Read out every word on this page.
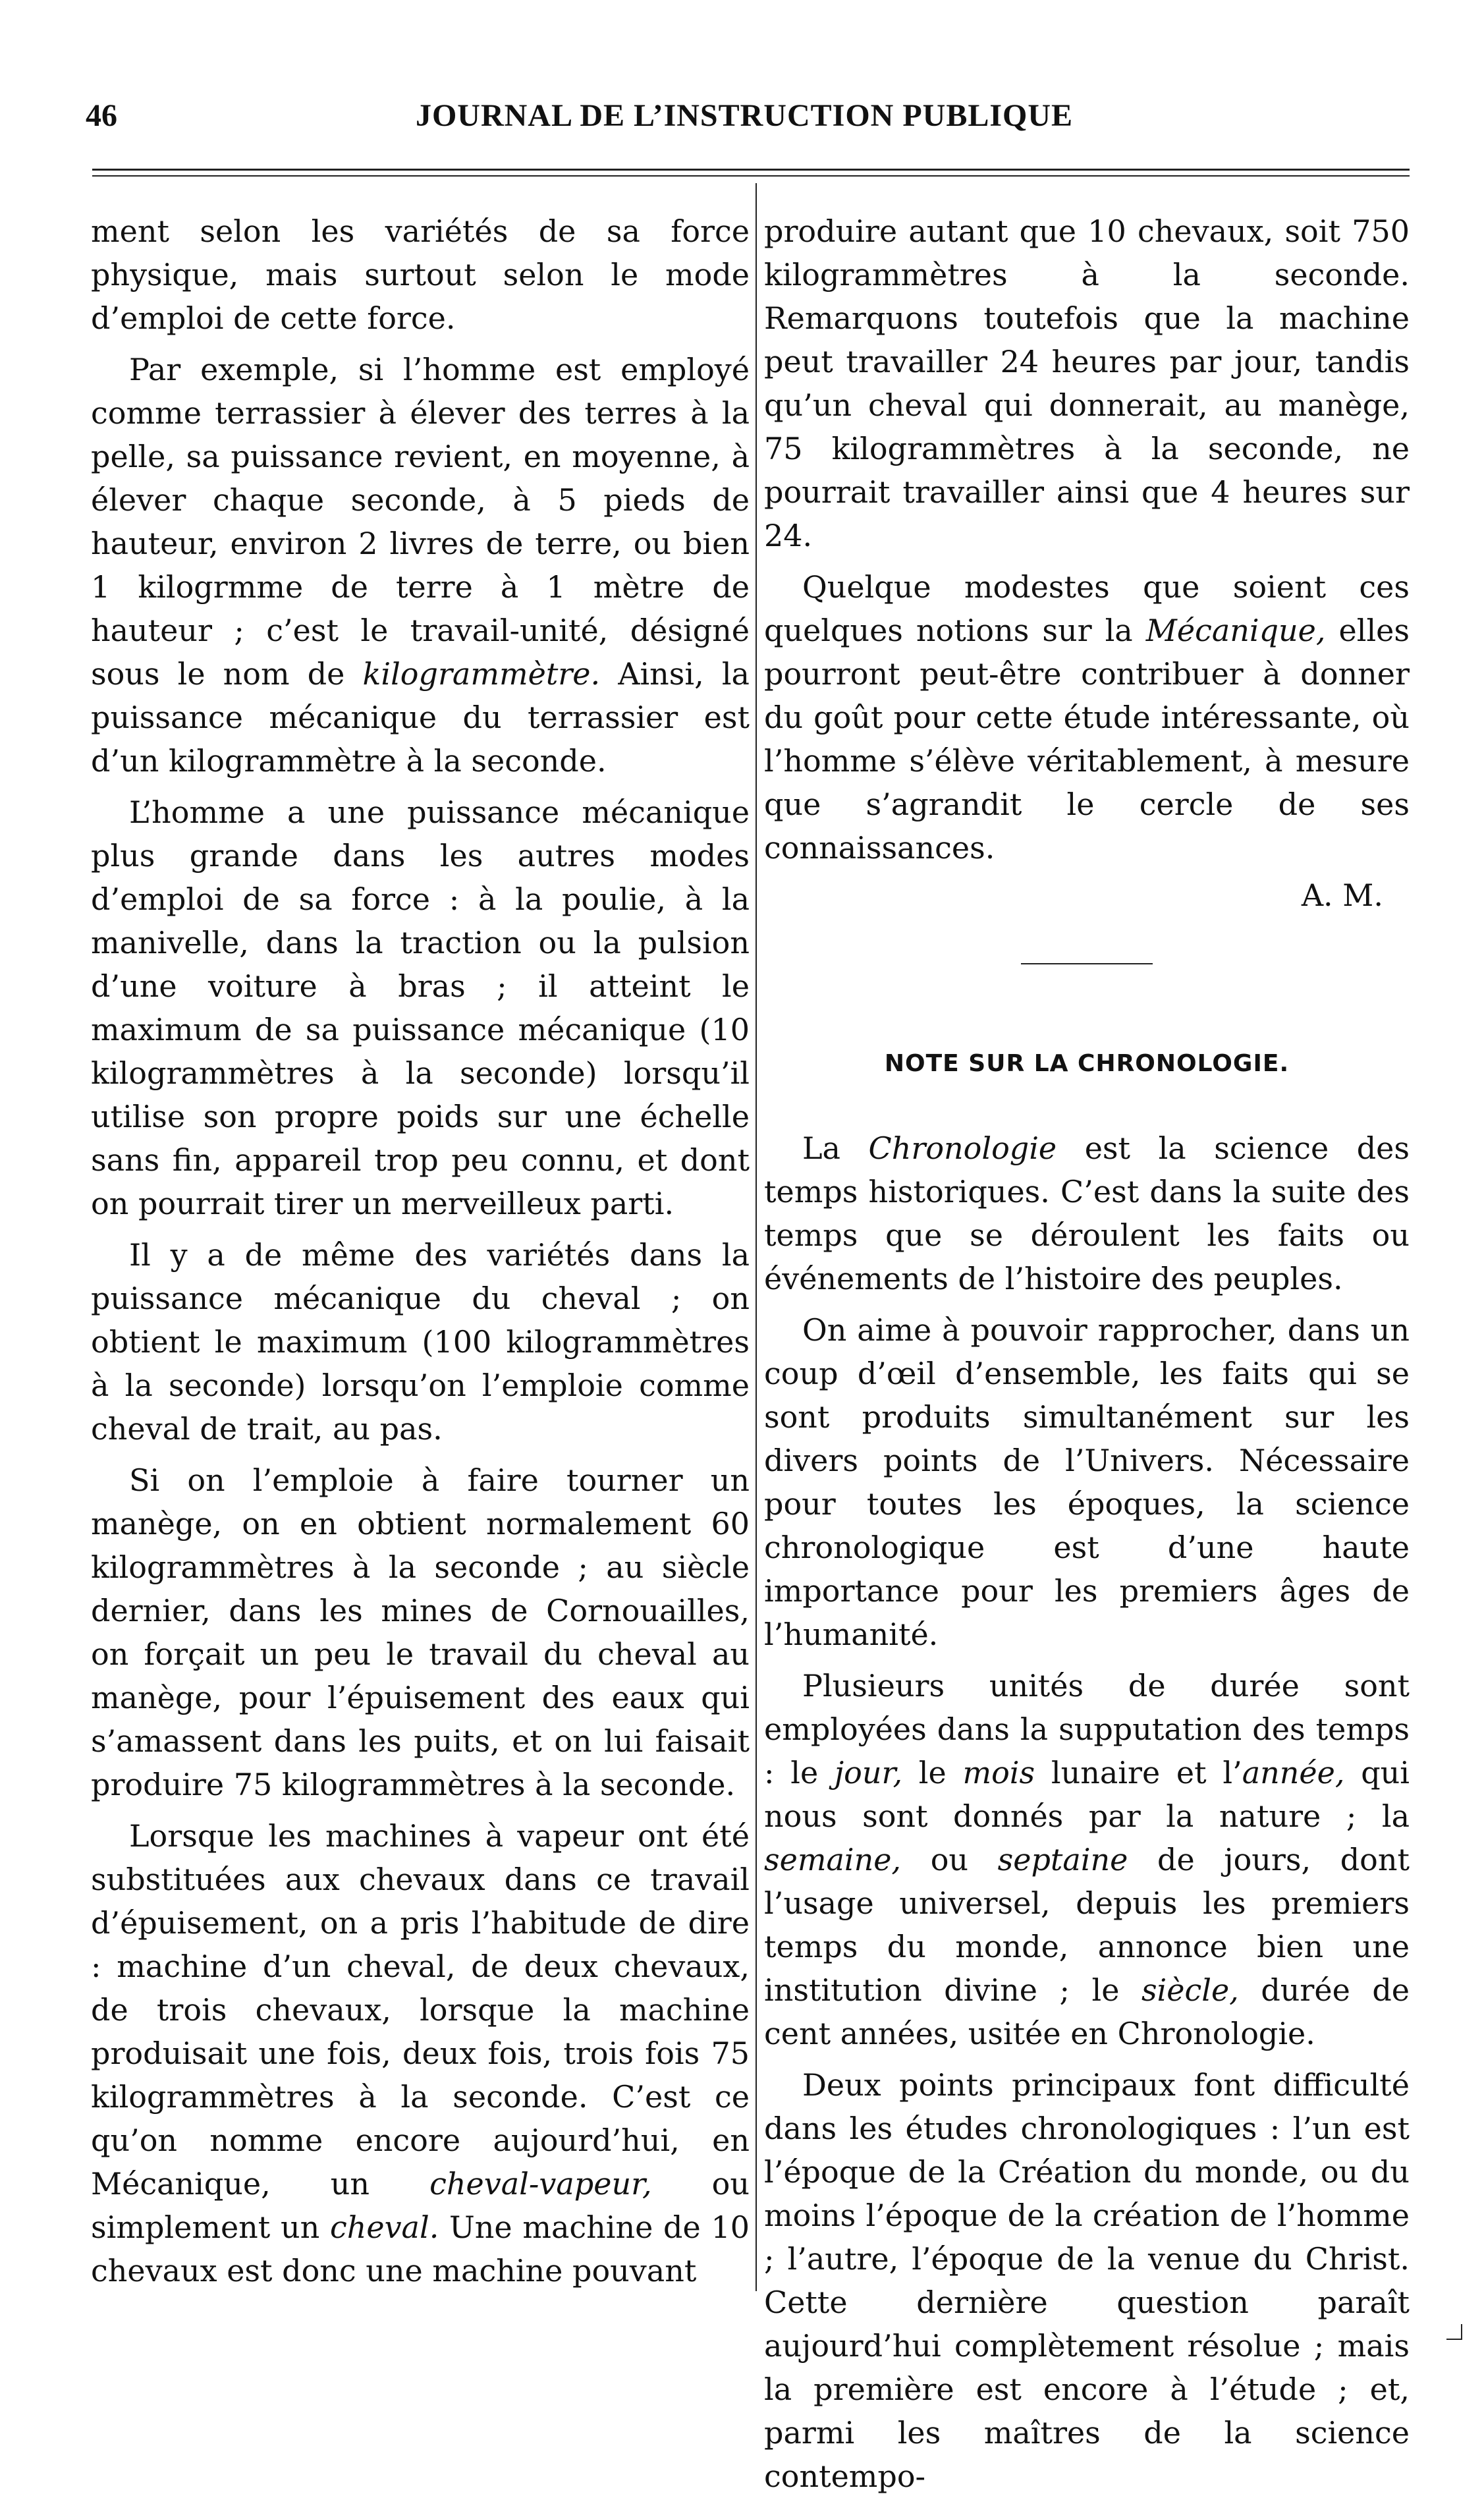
46	JOURNAL DE L’INSTRUCTION PUBLIQUE

ment selon les variétés de sa force physique, mais surtout selon le mode d’emploi de cette force.

Par exemple, si l’homme est employé comme terrassier à élever des terres à la pelle, sa puissance revient, en moyenne, à élever chaque seconde, à 5 pieds de hauteur, environ 2 livres de terre, ou bien 1 kilogrmme de terre à 1 mètre de hauteur ; c’est le travail-unité, désigné sous le nom de kilogrammètre. Ainsi, la puissance mécanique du terrassier est d’un kilogrammètre à la seconde.

L’homme a une puissance mécanique plus grande dans les autres modes d’emploi de sa force : à la poulie, à la manivelle, dans la traction ou la pulsion d’une voiture à bras ; il atteint le maximum de sa puissance mécanique (10 kilogrammètres à la seconde) lorsqu’il utilise son propre poids sur une échelle sans fin, appareil trop peu connu, et dont on pourrait tirer un merveilleux parti.

Il y a de même des variétés dans la puissance mécanique du cheval ; on obtient le maximum (100 kilogrammètres à la seconde) lorsqu’on l’emploie comme cheval de trait, au pas.

Si on l’emploie à faire tourner un manège, on en obtient normalement 60 kilogrammètres à la seconde ; au siècle dernier, dans les mines de Cornouailles, on forçait un peu le travail du cheval au manège, pour l’épuisement des eaux qui s’amassent dans les puits, et on lui faisait produire 75 kilogrammètres à la seconde.

Lorsque les machines à vapeur ont été substituées aux chevaux dans ce travail d’épuisement, on a pris l’habitude de dire : machine d’un cheval, de deux chevaux, de trois chevaux, lorsque la machine produisait une fois, deux fois, trois fois 75 kilogrammètres à la seconde. C’est ce qu’on nomme encore aujourd’hui, en Mécanique, un cheval-vapeur, ou simplement un cheval. Une machine de 10 chevaux est donc une machine pouvant

produire autant que 10 chevaux, soit 750 kilogrammètres à la seconde. Remarquons toutefois que la machine peut travailler 24 heures par jour, tandis qu’un cheval qui donnerait, au manège, 75 kilogrammètres à la seconde, ne pourrait travailler ainsi que 4 heures sur 24.

Quelque modestes que soient ces quelques notions sur la Mécanique, elles pourront peut-être contribuer à donner du goût pour cette étude intéressante, où l’homme s’élève véritablement, à mesure que s’agrandit le cercle de ses connaissances.

A. M.
NOTE SUR LA CHRONOLOGIE.

La Chronologie est la science des temps historiques. C’est dans la suite des temps que se déroulent les faits ou événements de l’histoire des peuples.

On aime à pouvoir rapprocher, dans un coup d’œil d’ensemble, les faits qui se sont produits simultanément sur les divers points de l’Univers. Nécessaire pour toutes les époques, la science chronologique est d’une haute importance pour les premiers âges de l’humanité.

Plusieurs unités de durée sont employées dans la supputation des temps : le jour, le mois lunaire et l’année, qui nous sont donnés par la nature ; la semaine, ou septaine de jours, dont l’usage universel, depuis les premiers temps du monde, annonce bien une institution divine ; le siècle, durée de cent années, usitée en Chronologie.

Deux points principaux font difficulté dans les études chronologiques : l’un est l’époque de la Création du monde, ou du moins l’époque de la création de l’homme ; l’autre, l’époque de la venue du Christ. Cette dernière question paraît aujourd’hui complètement résolue ; mais la première est encore à l’étude ; et, parmi les maîtres de la science contempo-
